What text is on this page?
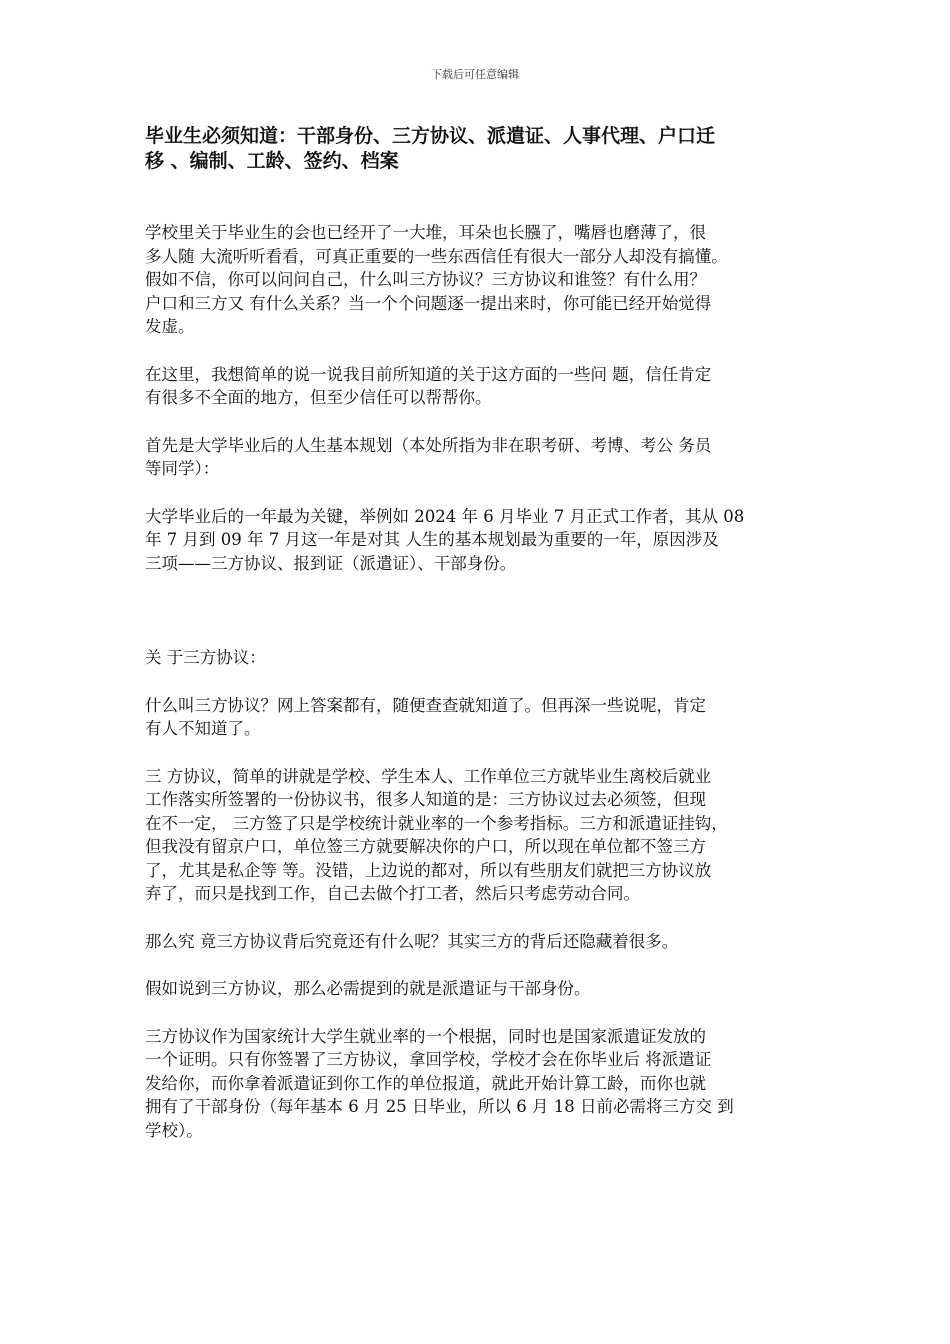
下载后可任意编辑
毕业生必须知道：干部身份、三方协议、派遣证、人事代理、户口迁
移 、编制、工龄、签约、档案

学校里关于毕业生的会也已经开了一大堆，耳朵也长膙了，嘴唇也磨薄了，很
多人随 大流听听看看，可真正重要的一些东西信任有很大一部分人却没有搞懂。
假如不信，你可以问问自己，什么叫三方协议？三方协议和谁签？有什么用？
户口和三方又 有什么关系？当一个个问题逐一提出来时，你可能已经开始觉得
发虚。

在这里，我想简单的说一说我目前所知道的关于这方面的一些问 题，信任肯定
有很多不全面的地方，但至少信任可以帮帮你。

首先是大学毕业后的人生基本规划（本处所指为非在职考研、考博、考公 务员
等同学）：

大学毕业后的一年最为关键，举例如 2024 年 6 月毕业 7 月正式工作者，其从 08
年 7 月到 09 年 7 月这一年是对其 人生的基本规划最为重要的一年，原因涉及
三项——三方协议、报到证（派遣证）、干部身份。

关 于三方协议：

什么叫三方协议？网上答案都有，随便查查就知道了。但再深一些说呢，肯定
有人不知道了。

三 方协议，简单的讲就是学校、学生本人、工作单位三方就毕业生离校后就业
工作落实所签署的一份协议书，很多人知道的是：三方协议过去必须签，但现
在不一定， 三方签了只是学校统计就业率的一个参考指标。三方和派遣证挂钩，
但我没有留京户口，单位签三方就要解决你的户口，所以现在单位都不签三方
了，尤其是私企等 等。没错，上边说的都对，所以有些朋友们就把三方协议放
弃了，而只是找到工作，自己去做个打工者，然后只考虑劳动合同。

那么究 竟三方协议背后究竟还有什么呢？其实三方的背后还隐藏着很多。

假如说到三方协议，那么必需提到的就是派遣证与干部身份。

三方协议作为国家统计大学生就业率的一个根据，同时也是国家派遣证发放的
一个证明。只有你签署了三方协议，拿回学校，学校才会在你毕业后 将派遣证
发给你，而你拿着派遣证到你工作的单位报道，就此开始计算工龄，而你也就
拥有了干部身份（每年基本 6 月 25 日毕业，所以 6 月 18 日前必需将三方交 到
学校）。
